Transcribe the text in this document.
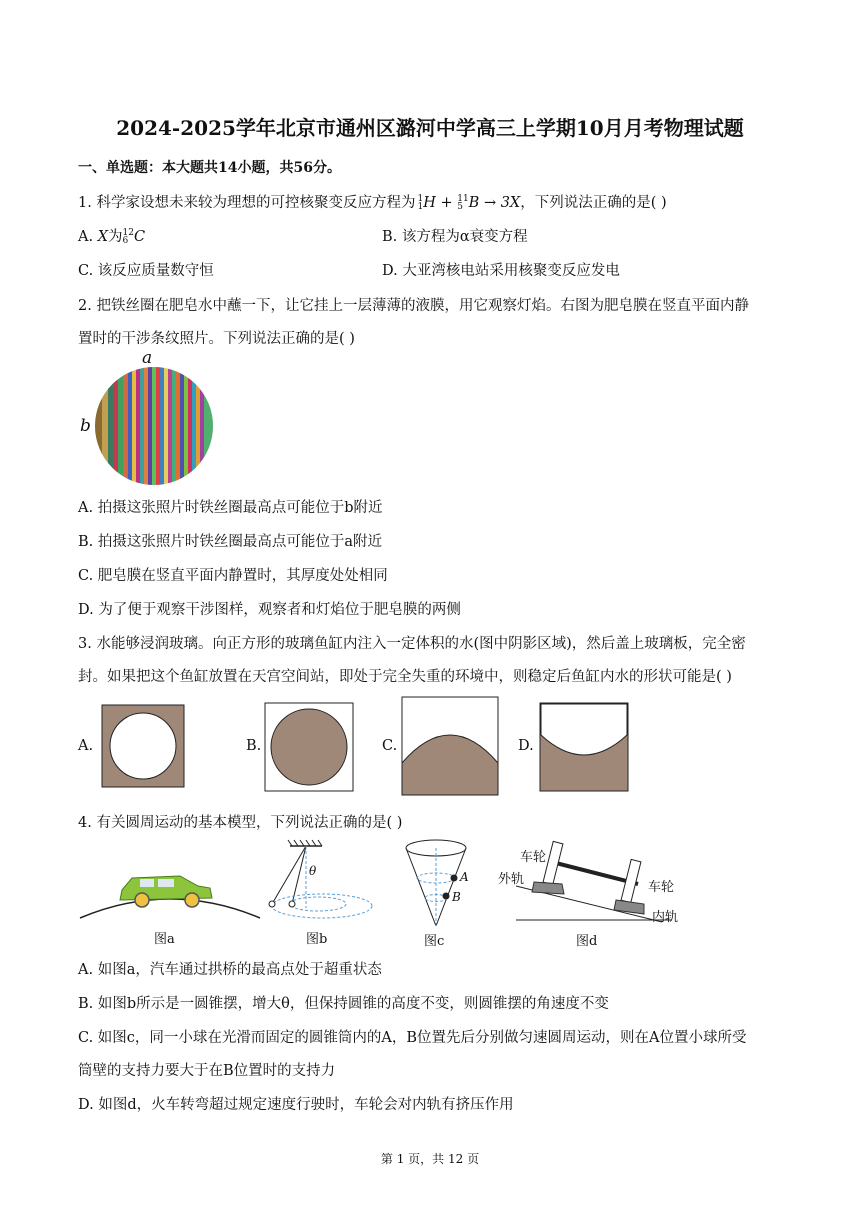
2024-2025学年北京市通州区潞河中学高三上学期10月月考物理试题
一、单选题：本大题共14小题，共56分。
1. 科学家设想未来较为理想的可控核聚变反应方程为 1
1H + 11
5 B → 3X，下列说法正确的是( )
A. X为12
6 C	B. 该方程为α衰变方程
C. 该反应质量数守恒	D. 大亚湾核电站采用核聚变反应发电
2. 把铁丝圈在肥皂水中蘸一下，让它挂上一层薄薄的液膜，用它观察灯焰。右图为肥皂膜在竖直平面内静
置时的干涉条纹照片。下列说法正确的是( )
a
b
A. 拍摄这张照片时铁丝圈最高点可能位于b附近
B. 拍摄这张照片时铁丝圈最高点可能位于a附近
C. 肥皂膜在竖直平面内静置时，其厚度处处相同
D. 为了便于观察干涉图样，观察者和灯焰位于肥皂膜的两侧
3. 水能够浸润玻璃。向正方形的玻璃鱼缸内注入一定体积的水(图中阴影区域)，然后盖上玻璃板，完全密
封。如果把这个鱼缸放置在天宫空间站，即处于完全失重的环境中，则稳定后鱼缸内水的形状可能是( )
A.	B.	C.	D.
4. 有关圆周运动的基本模型，下列说法正确的是( )
图a
θ
图b
A
B
图c
车轮
外轨
车轮
内轨
图d
A. 如图a，汽车通过拱桥的最高点处于超重状态
B. 如图b所示是一圆锥摆，增大θ，但保持圆锥的高度不变，则圆锥摆的角速度不变
C. 如图c，同一小球在光滑而固定的圆锥筒内的A，B位置先后分别做匀速圆周运动，则在A位置小球所受
筒壁的支持力要大于在B位置时的支持力
D. 如图d，火车转弯超过规定速度行驶时，车轮会对内轨有挤压作用
第 1 页，共 12 页
